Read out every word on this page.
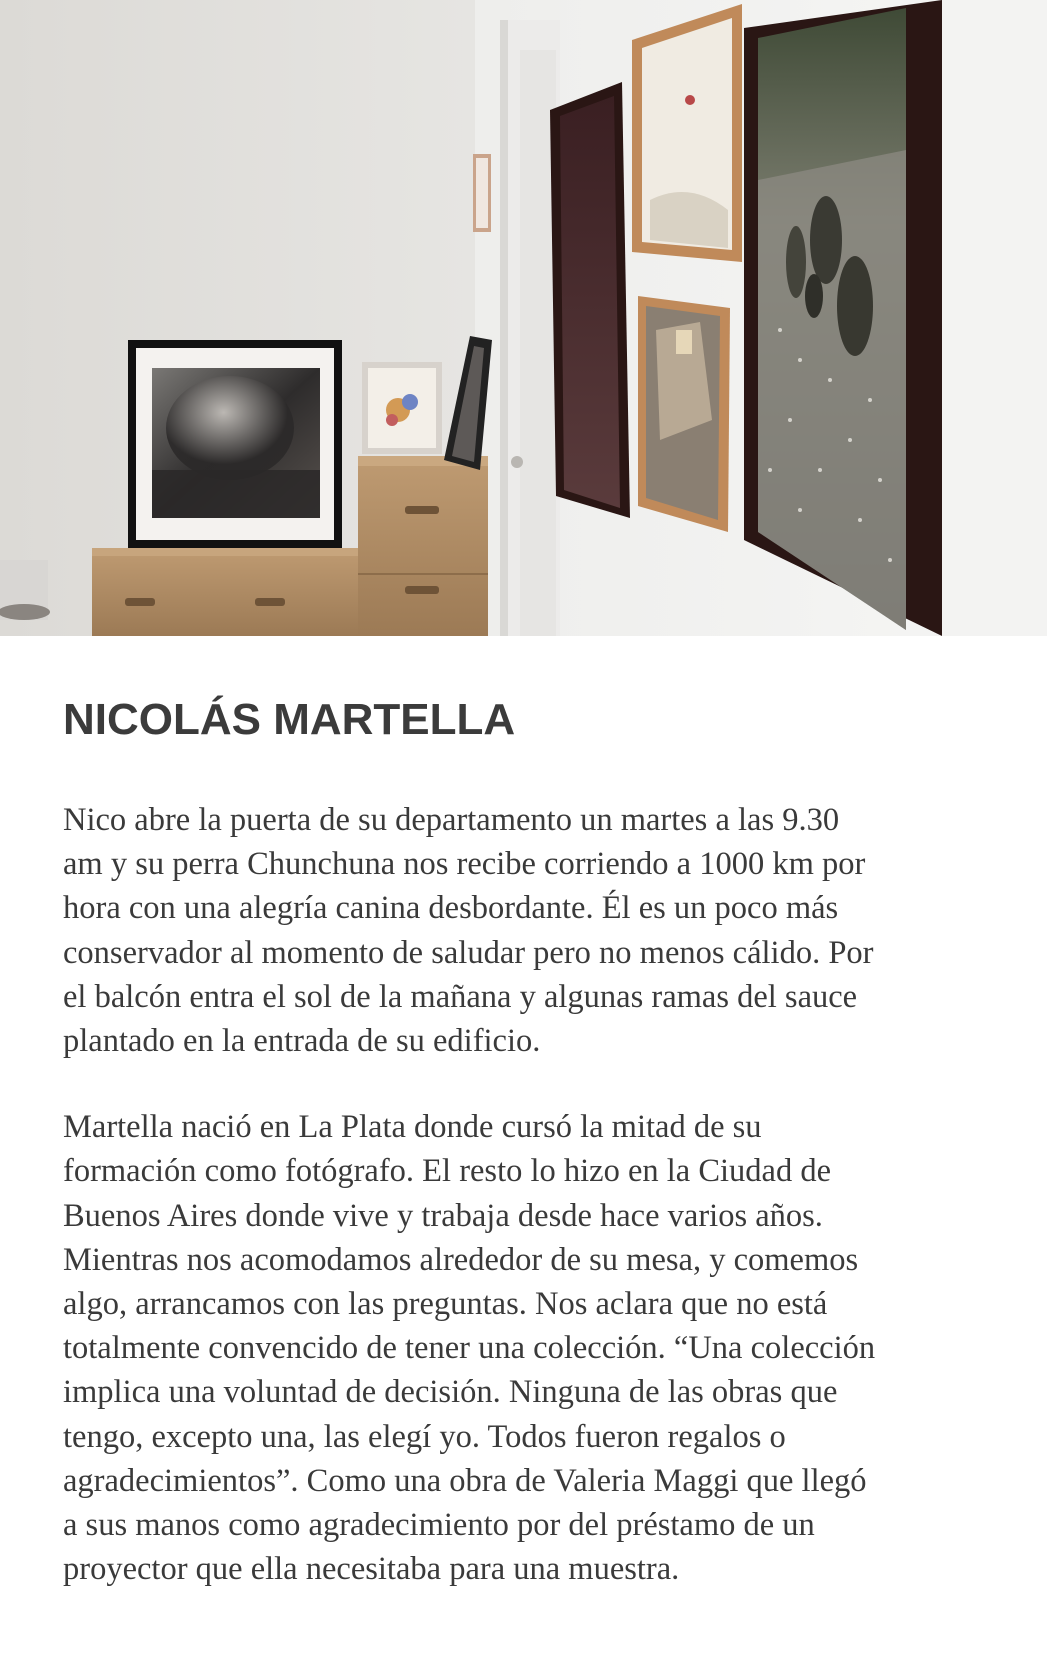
NICOLÁS MARTELLA

Nico abre la puerta de su departamento un martes a las 9.30
am y su perra Chunchuna nos recibe corriendo a 1000 km por
hora con una alegría canina desbordante. Él es un poco más
conservador al momento de saludar pero no menos cálido. Por
el balcón entra el sol de la mañana y algunas ramas del sauce
plantado en la entrada de su edificio.

Martella nació en La Plata donde cursó la mitad de su
formación como fotógrafo. El resto lo hizo en la Ciudad de
Buenos Aires donde vive y trabaja desde hace varios años.
Mientras nos acomodamos alrededor de su mesa, y comemos
algo, arrancamos con las preguntas. Nos aclara que no está
totalmente convencido de tener una colección. “Una colección
implica una voluntad de decisión. Ninguna de las obras que
tengo, excepto una, las elegí yo. Todos fueron regalos o
agradecimientos”. Como una obra de Valeria Maggi que llegó
a sus manos como agradecimiento por del préstamo de un
proyector que ella necesitaba para una muestra.
